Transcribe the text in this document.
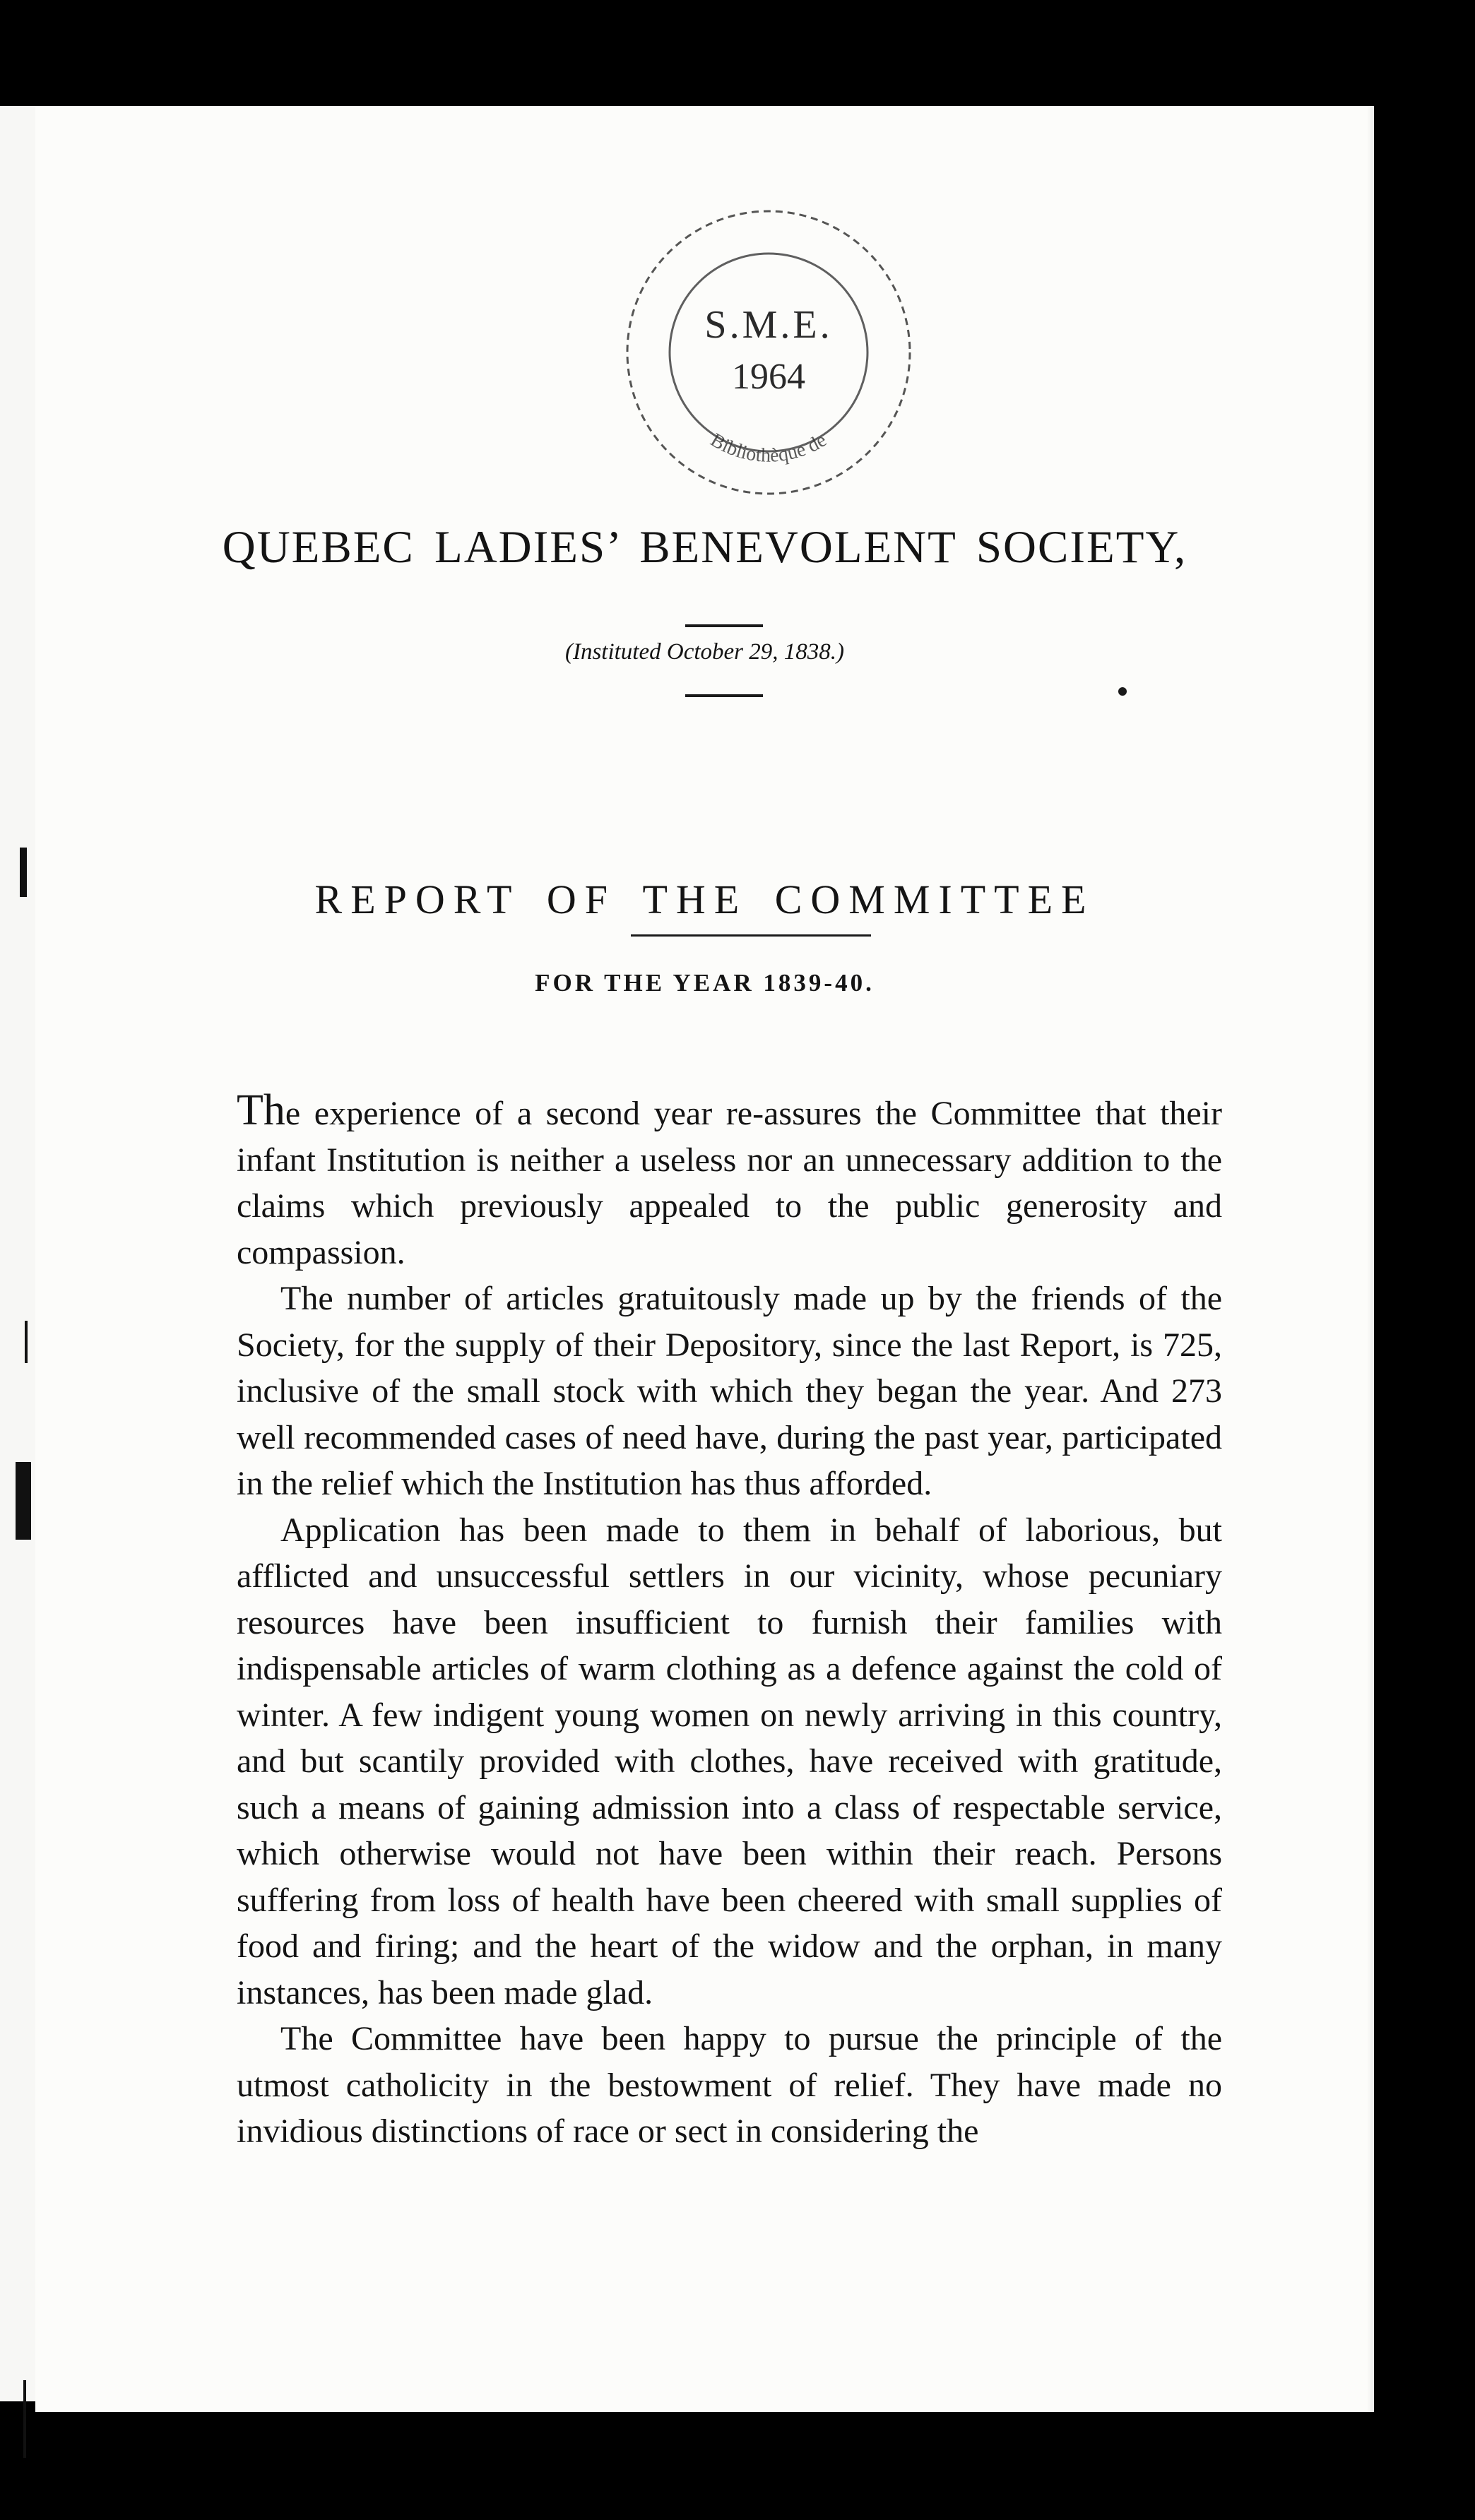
Bibliothèque de
S.M.E.
1964
QUEBEC LADIES’ BENEVOLENT SOCIETY,
(Instituted October 29, 1838.)
REPORT OF THE COMMITTEE
FOR THE YEAR 1839-40.

The experience of a second year re-assures the Committee that their infant Institution is neither a useless nor an unnecessary addition to the claims which previously appealed to the public generosity and compassion.

The number of articles gratuitously made up by the friends of the Society, for the supply of their Depository, since the last Report, is 725, inclusive of the small stock with which they began the year. And 273 well recommended cases of need have, during the past year, participated in the relief which the Institution has thus afforded.

Application has been made to them in behalf of laborious, but afflicted and unsuccessful settlers in our vicinity, whose pecuniary resources have been insufficient to furnish their families with indispensable articles of warm clothing as a defence against the cold of winter. A few indigent young women on newly arriving in this country, and but scantily provided with clothes, have received with gratitude, such a means of gaining admission into a class of respectable service, which otherwise would not have been within their reach. Persons suffering from loss of health have been cheered with small supplies of food and firing; and the heart of the widow and the orphan, in many instances, has been made glad.

The Committee have been happy to pursue the principle of the utmost catholicity in the bestowment of relief. They have made no invidious distinctions of race or sect in considering the
